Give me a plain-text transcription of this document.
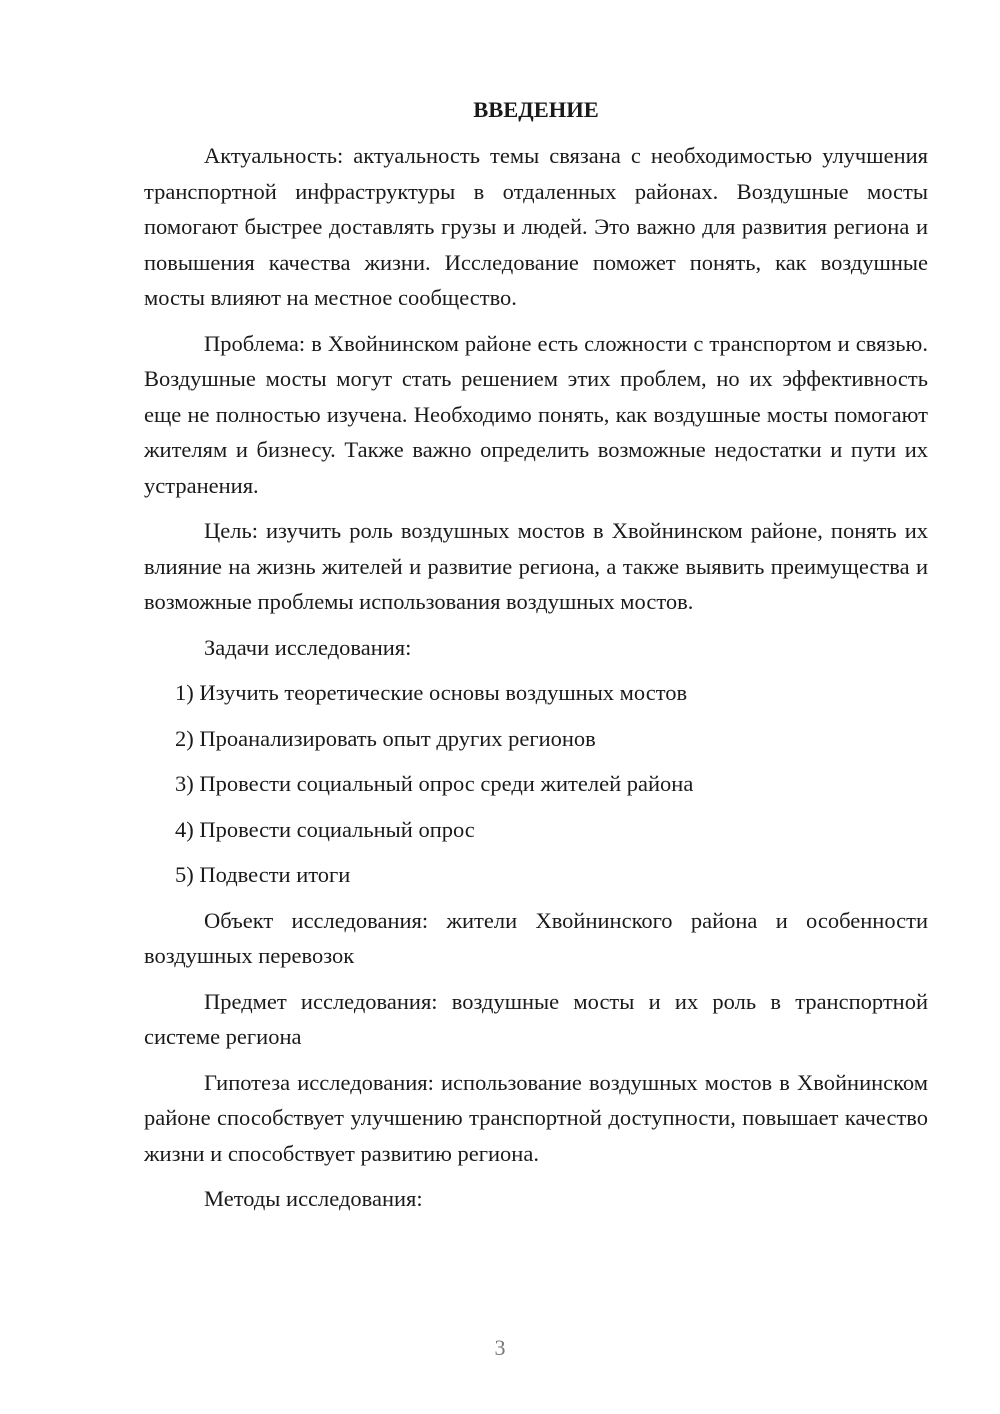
ВВЕДЕНИЕ

Актуальность: актуальность темы связана с необходимостью улучшения транспортной инфраструктуры в отдаленных районах. Воздушные мосты помогают быстрее доставлять грузы и людей. Это важно для развития региона и повышения качества жизни. Исследование поможет понять, как воздушные мосты влияют на местное сообщество.

Проблема: в Хвойнинском районе есть сложности с транспортом и связью. Воздушные мосты могут стать решением этих проблем, но их эффективность еще не полностью изучена. Необходимо понять, как воздушные мосты помогают жителям и бизнесу. Также важно определить возможные недостатки и пути их устранения.

Цель: изучить роль воздушных мостов в Хвойнинском районе, понять их влияние на жизнь жителей и развитие региона, а также выявить преимущества и возможные проблемы использования воздушных мостов.

Задачи исследования:

1) Изучить теоретические основы воздушных мостов
2) Проанализировать опыт других регионов
3) Провести социальный опрос среди жителей района
4) Провести социальный опрос
5) Подвести итоги

Объект исследования: жители Хвойнинского района и особенности воздушных перевозок

Предмет исследования: воздушные мосты и их роль в транспортной системе региона

Гипотеза исследования: использование воздушных мостов в Хвойнинском районе способствует улучшению транспортной доступности, повышает качество жизни и способствует развитию региона.

Методы исследования:

3
